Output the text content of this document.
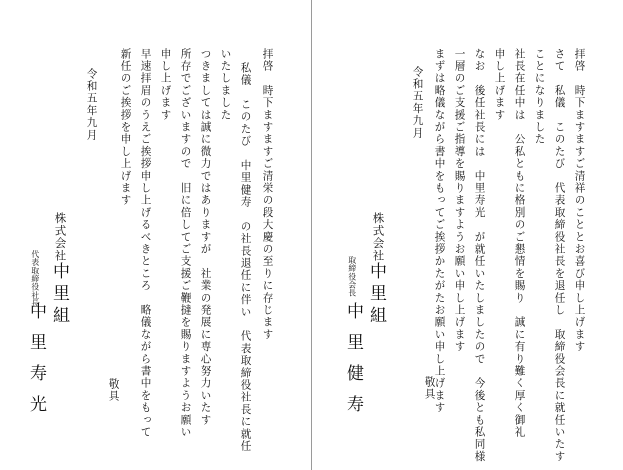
拝啓　時下ますますご清栄の段大慶の至りに存じます
私儀　このたび　中里健寿　の社長退任に伴い　代表取締役社長に就任
いたしました
つきましては誠に微力ではありますが　社業の発展に専心努力いたす
所存でございますので　旧に倍してご支援ご鞭撻を賜りますようお願い
申し上げます
早速拝眉のうえご挨拶申し上げるべきところ　略儀ながら書中をもって
新任のご挨拶を申し上げます
敬具
令和五年九月
株式会社
中里組
代表取締役社長
中里寿光
拝啓　時下ますますご清祥のこととお喜び申し上げます
さて　私儀　このたび　代表取締役社長を退任し　取締役会長に就任いたす
ことになりました
社長在任中は　公私ともに格別のご懇情を賜り　誠に有り難く厚く御礼
申し上げます
なお　後任社長には　中里寿光　が就任いたしましたので　今後とも私同様
一層のご支援ご指導を賜りますようお願い申し上げます
まずは略儀ながら書中をもってご挨拶かたがたお願い申し上げます
敬具
令和五年九月
株式会社
中里組
取締役会長
中里健寿
